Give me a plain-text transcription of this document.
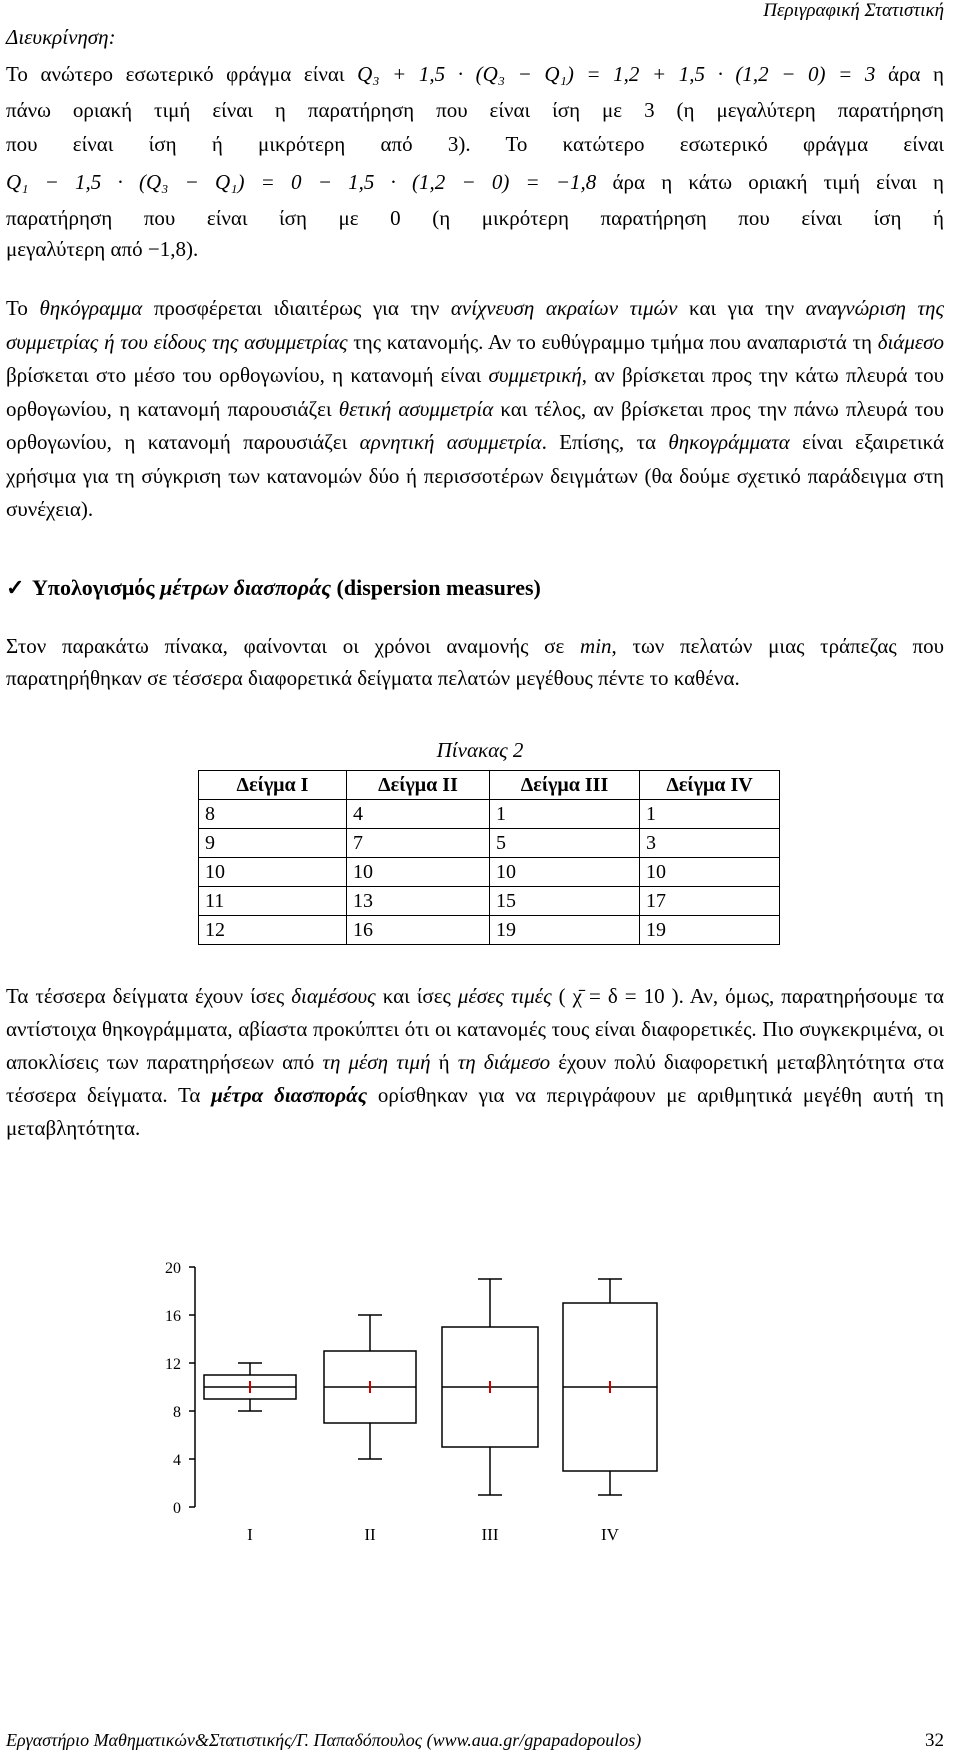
Περιγραφική Στατιστική
Διευκρίνηση:
Το ανώτερο εσωτερικό φράγμα είναι Q₃ + 1,5 · (Q₃ − Q₁) = 1,2 + 1,5 · (1,2 − 0) = 3 άρα η
πάνω οριακή τιμή είναι η παρατήρηση που είναι ίση με 3 (η μεγαλύτερη παρατήρηση
που είναι ίση ή μικρότερη από 3). Το κατώτερο εσωτερικό φράγμα είναι
Q₁ − 1,5 · (Q₃ − Q₁) = 0 − 1,5 · (1,2 − 0) = −1,8 άρα η κάτω οριακή τιμή είναι η
παρατήρηση που είναι ίση με 0 (η μικρότερη παρατήρηση που είναι ίση ή
μεγαλύτερη από −1,8).

Το θηκόγραμμα προσφέρεται ιδιαιτέρως για την ανίχνευση ακραίων τιμών και για την αναγνώριση της συμμετρίας ή του είδους της ασυμμετρίας της κατανομής. Αν το ευθύγραμμο τμήμα που αναπαριστά τη διάμεσο βρίσκεται στο μέσο του ορθογωνίου, η κατανομή είναι συμμετρική, αν βρίσκεται προς την κάτω πλευρά του ορθογωνίου, η κατανομή παρουσιάζει θετική ασυμμετρία και τέλος, αν βρίσκεται προς την πάνω πλευρά του ορθογωνίου, η κατανομή παρουσιάζει αρνητική ασυμμετρία. Επίσης, τα θηκογράμματα είναι εξαιρετικά χρήσιμα για τη σύγκριση των κατανομών δύο ή περισσοτέρων δειγμάτων (θα δούμε σχετικό παράδειγμα στη συνέχεια).

✓ Υπολογισμός μέτρων διασποράς (dispersion measures)

Στον παρακάτω πίνακα, φαίνονται οι χρόνοι αναμονής σε min, των πελατών μιας τράπεζας που παρατηρήθηκαν σε τέσσερα διαφορετικά δείγματα πελατών μεγέθους πέντε το καθένα.

Πίνακας 2
Δείγμα I	Δείγμα II	Δείγμα III	Δείγμα IV
8	4	1	1
9	7	5	3
10	10	10	10
11	13	15	17
12	16	19	19

Τα τέσσερα δείγματα έχουν ίσες διαμέσους και ίσες μέσες τιμές ( χ̄ = δ = 10 ). Αν, όμως, παρατηρήσουμε τα αντίστοιχα θηκογράμματα, αβίαστα προκύπτει ότι οι κατανομές τους είναι διαφορετικές. Πιο συγκεκριμένα, οι αποκλίσεις των παρατηρήσεων από τη μέση τιμή ή τη διάμεσο έχουν πολύ διαφορετική μεταβλητότητα στα τέσσερα δείγματα. Τα μέτρα διασποράς ορίσθηκαν για να περιγράφουν με αριθμητικά μεγέθη αυτή τη μεταβλητότητα.

0
4
8
12
16
20
I	II	III	IV
Εργαστήριο Μαθηματικών&Στατιστικής/Γ. Παπαδόπουλος (www.aua.gr/gpapadopoulos)	32
